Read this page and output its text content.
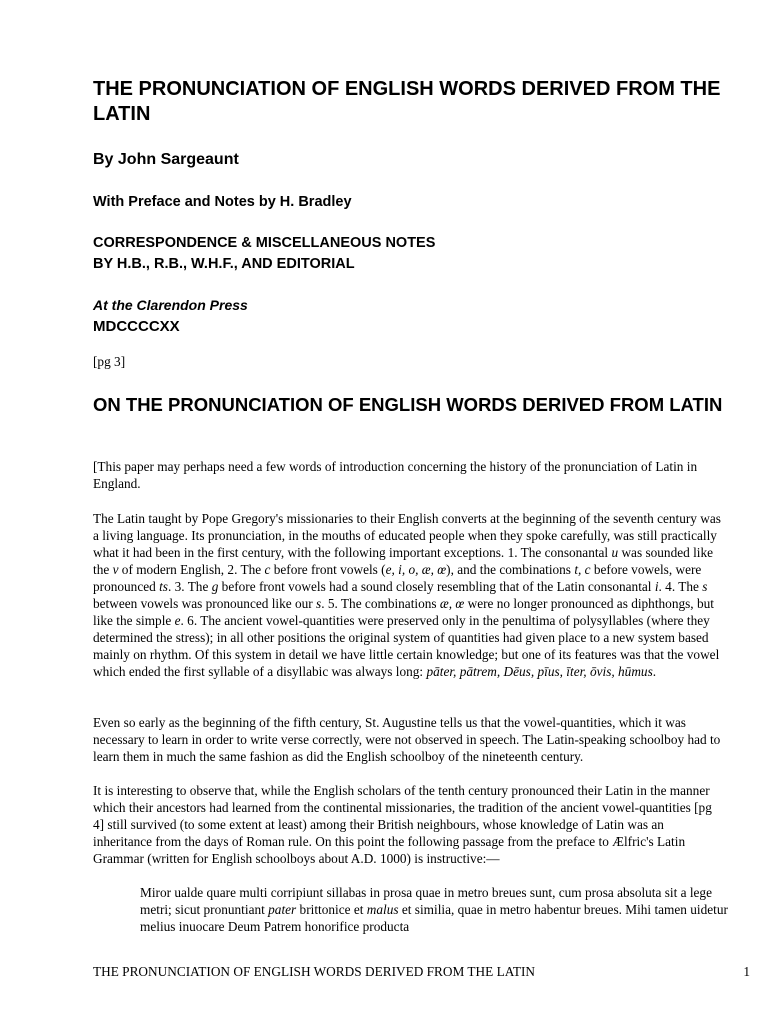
THE PRONUNCIATION OF ENGLISH WORDS DERIVED FROM THE LATIN
By John Sargeaunt
With Preface and Notes by H. Bradley
CORRESPONDENCE & MISCELLANEOUS NOTES
BY H.B., R.B., W.H.F., AND EDITORIAL
At the Clarendon Press
MDCCCCXX

[pg 3]

ON THE PRONUNCIATION OF ENGLISH WORDS DERIVED FROM LATIN

[This paper may perhaps need a few words of introduction concerning the history of the pronunciation of Latin in England.

The Latin taught by Pope Gregory's missionaries to their English converts at the beginning of the seventh century was a living language. Its pronunciation, in the mouths of educated people when they spoke carefully, was still practically what it had been in the first century, with the following important exceptions. 1. The consonantal u was sounded like the v of modern English, 2. The c before front vowels (e, i, o, æ, œ), and the combinations t, c before vowels, were pronounced ts. 3. The g before front vowels had a sound closely resembling that of the Latin consonantal i. 4. The s between vowels was pronounced like our s. 5. The combinations æ, œ were no longer pronounced as diphthongs, but like the simple e. 6. The ancient vowel-quantities were preserved only in the penultima of polysyllables (where they determined the stress); in all other positions the original system of quantities had given place to a new system based mainly on rhythm. Of this system in detail we have little certain knowledge; but one of its features was that the vowel which ended the first syllable of a disyllabic was always long: pāter, pātrem, Dēus, pīus, īter, ōvis, hūmus.

Even so early as the beginning of the fifth century, St. Augustine tells us that the vowel-quantities, which it was necessary to learn in order to write verse correctly, were not observed in speech. The Latin-speaking schoolboy had to learn them in much the same fashion as did the English schoolboy of the nineteenth century.

It is interesting to observe that, while the English scholars of the tenth century pronounced their Latin in the manner which their ancestors had learned from the continental missionaries, the tradition of the ancient vowel-quantities [pg 4] still survived (to some extent at least) among their British neighbours, whose knowledge of Latin was an inheritance from the days of Roman rule. On this point the following passage from the preface to Ælfric's Latin Grammar (written for English schoolboys about A.D. 1000) is instructive:—

Miror ualde quare multi corripiunt sillabas in prosa quae in metro breues sunt, cum prosa absoluta sit a lege metri; sicut pronuntiant pater brittonice et malus et similia, quae in metro habentur breues. Mihi tamen uidetur melius inuocare Deum Patrem honorifice producta

THE PRONUNCIATION OF ENGLISH WORDS DERIVED FROM THE LATIN	1
